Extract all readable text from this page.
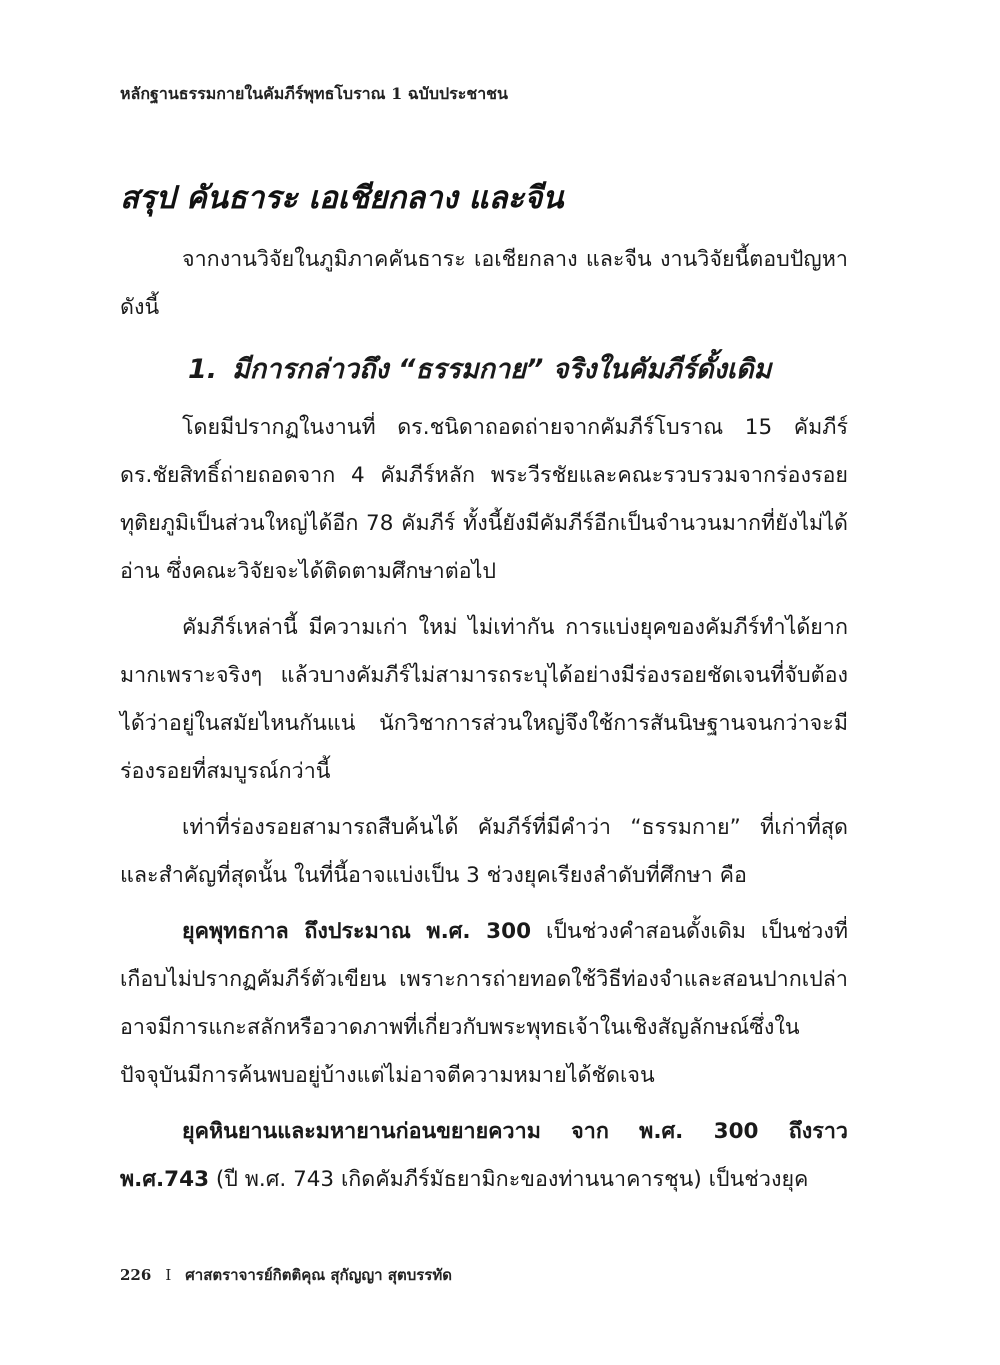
หลักฐานธรรมกายในคัมภีร์พุทธโบราณ 1 ฉบับประชาชน
สรุป คันธาระ เอเชียกลาง และจีน

จากงานวิจัยในภูมิภาคคันธาระ เอเชียกลาง และจีน งานวิจัยนี้ตอบปัญหาดังนี้

1. มีการกล่าวถึง “ธรรมกาย” จริงในคัมภีร์ดั้งเดิม

โดยมีปรากฏในงานที่ ดร.ชนิดาถอดถ่ายจากคัมภีร์โบราณ 15 คัมภีร์ ดร.ชัยสิทธิ์ถ่ายถอดจาก 4 คัมภีร์หลัก พระวีรชัยและคณะรวบรวมจากร่องรอยทุติยภูมิเป็นส่วนใหญ่ได้อีก 78 คัมภีร์ ทั้งนี้ยังมีคัมภีร์อีกเป็นจำนวนมากที่ยังไม่ได้อ่าน ซึ่งคณะวิจัยจะได้ติดตามศึกษาต่อไป

คัมภีร์เหล่านี้ มีความเก่า ใหม่ ไม่เท่ากัน การแบ่งยุคของคัมภีร์ทำได้ยากมากเพราะจริงๆ แล้วบางคัมภีร์ไม่สามารถระบุได้อย่างมีร่องรอยชัดเจนที่จับต้องได้ว่าอยู่ในสมัยไหนกันแน่ นักวิชาการส่วนใหญ่จึงใช้การสันนิษฐานจนกว่าจะมีร่องรอยที่สมบูรณ์กว่านี้

เท่าที่ร่องรอยสามารถสืบค้นได้ คัมภีร์ที่มีคำว่า “ธรรมกาย” ที่เก่าที่สุดและสำคัญที่สุดนั้น ในที่นี้อาจแบ่งเป็น 3 ช่วงยุคเรียงลำดับที่ศึกษา คือ

ยุคพุทธกาล ถึงประมาณ พ.ศ. 300 เป็นช่วงคำสอนดั้งเดิม เป็นช่วงที่เกือบไม่ปรากฏคัมภีร์ตัวเขียน เพราะการถ่ายทอดใช้วิธีท่องจำและสอนปากเปล่า อาจมีการแกะสลักหรือวาดภาพที่เกี่ยวกับพระพุทธเจ้าในเชิงสัญลักษณ์ซึ่งในปัจจุบันมีการค้นพบอยู่บ้างแต่ไม่อาจตีความหมายได้ชัดเจน

ยุคหินยานและมหายานก่อนขยายความ จาก พ.ศ. 300 ถึงราว พ.ศ.743 (ปี พ.ศ. 743 เกิดคัมภีร์มัธยามิกะของท่านนาคารชุน) เป็นช่วงยุค

226 I ศาสตราจารย์กิตติคุณ สุกัญญา สุตบรรทัด
